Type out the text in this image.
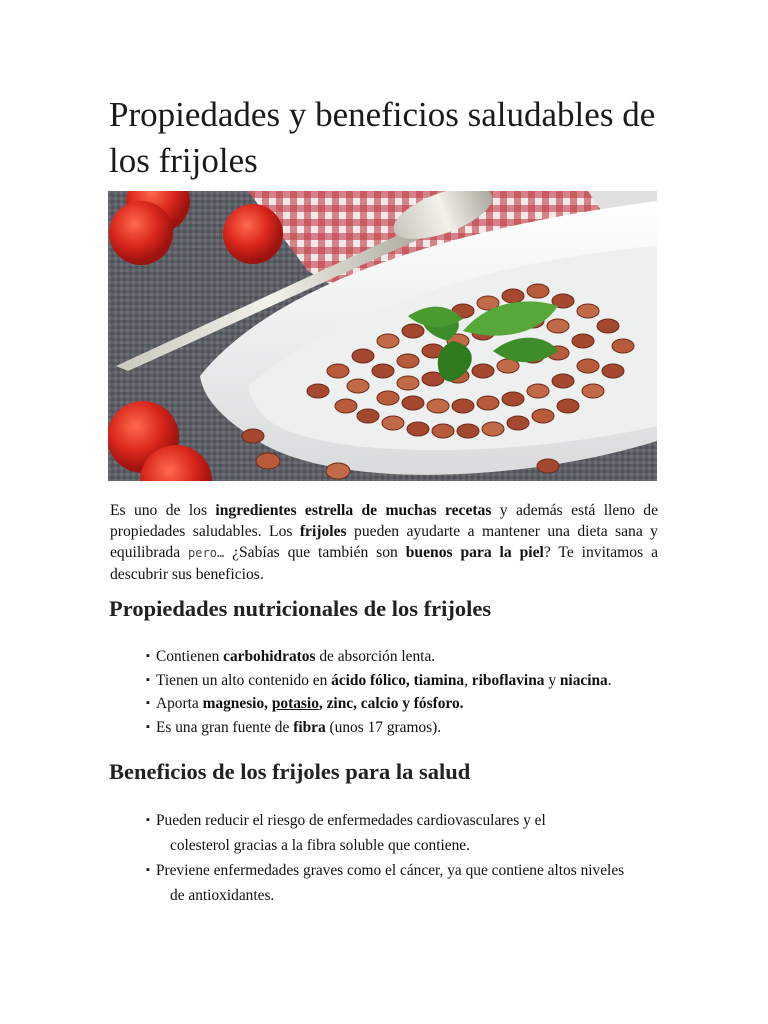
Propiedades y beneficios saludables de los frijoles

Es uno de los ingredientes estrella de muchas recetas y además está lleno de propiedades saludables. Los frijoles pueden ayudarte a mantener una dieta sana y equilibrada pero… ¿Sabías que también son buenos para la piel? Te invitamos a descubrir sus beneficios.

Propiedades nutricionales de los frijoles
▪ Contienen carbohidratos de absorción lenta.
▪ Tienen un alto contenido en ácido fólico, tiamina, riboflavina y niacina.
▪ Aporta magnesio, potasio, zinc, calcio y fósforo.
▪ Es una gran fuente de fibra (unos 17 gramos).
Beneficios de los frijoles para la salud
▪ Pueden reducir el riesgo de enfermedades cardiovasculares y el
colesterol gracias a la fibra soluble que contiene.
▪ Previene enfermedades graves como el cáncer, ya que contiene altos niveles
de antioxidantes.
